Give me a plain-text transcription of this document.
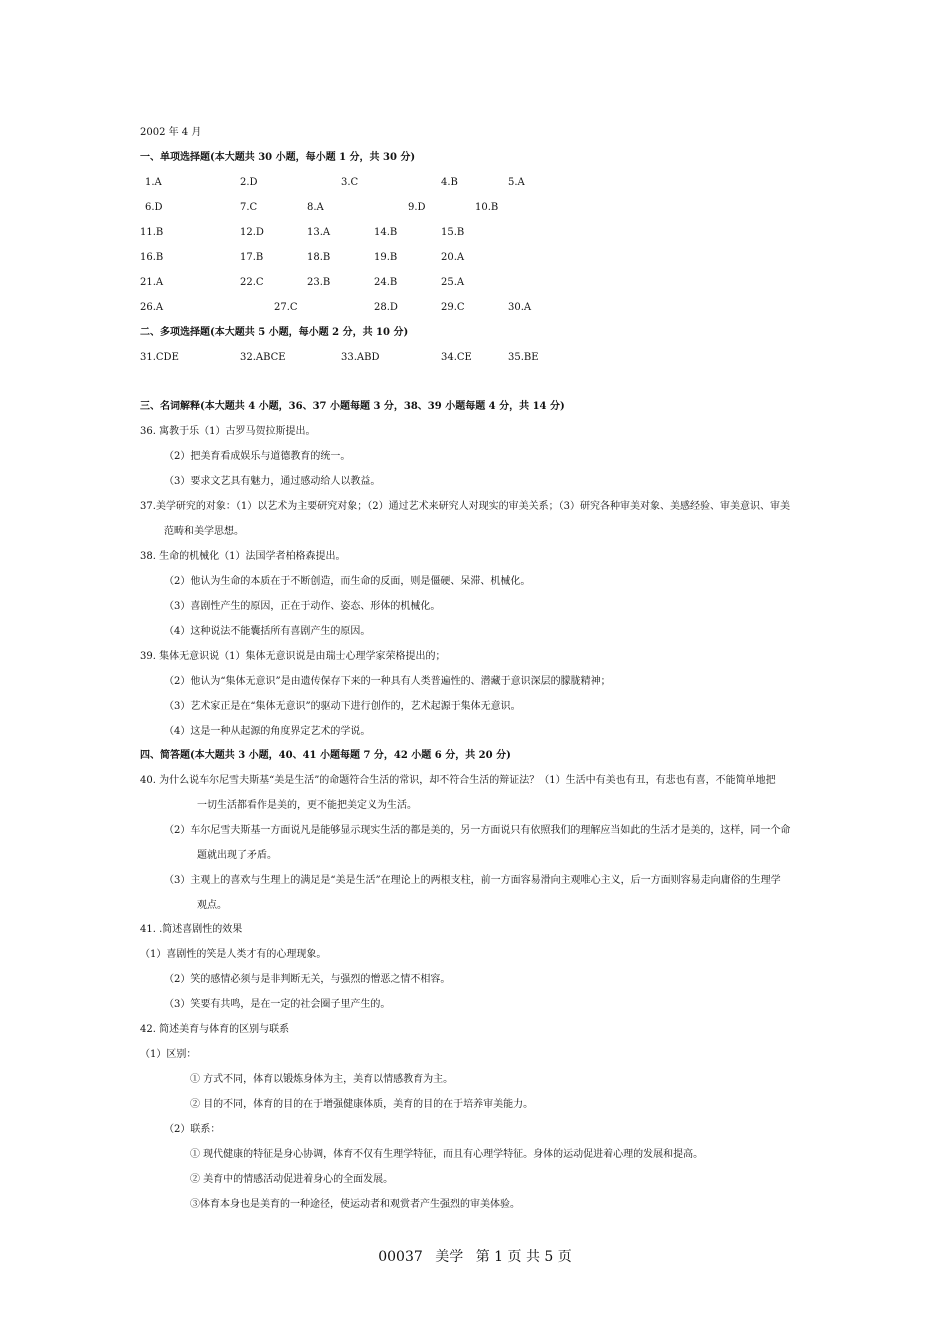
2002 年 4 月
一、单项选择题(本大题共 30 小题，每小题 1 分，共 30 分)
1.A	2.D	3.C	4.B	5.A
6.D	7.C	8.A	9.D	10.B
11.B	12.D	13.A	14.B	15.B
16.B	17.B	18.B	19.B	20.A
21.A	22.C	23.B	24.B	25.A
26.A	27.C	28.D	29.C	30.A
二、多项选择题(本大题共 5 小题，每小题 2 分，共 10 分)
31.CDE	32.ABCE	33.ABD	34.CE	35.BE
三、名词解释(本大题共 4 小题，36、37 小题每题 3 分，38、39 小题每题 4 分，共 14 分)
36. 寓教于乐（1）古罗马贺拉斯提出。
（2）把美育看成娱乐与道德教育的统一。
（3）要求文艺具有魅力，通过感动给人以教益。
37.美学研究的对象：（1）以艺术为主要研究对象；（2）通过艺术来研究人对现实的审美关系；（3）研究各种审美对象、美感经验、审美意识、审美
范畴和美学思想。
38. 生命的机械化（1）法国学者柏格森提出。
（2）他认为生命的本质在于不断创造，而生命的反面，则是僵硬、呆滞、机械化。
（3）喜剧性产生的原因，正在于动作、姿态、形体的机械化。
（4）这种说法不能囊括所有喜剧产生的原因。
39. 集体无意识说（1）集体无意识说是由瑞士心理学家荣格提出的；
（2）他认为“集体无意识”是由遗传保存下来的一种具有人类普遍性的、潜藏于意识深层的朦胧精神；
（3）艺术家正是在“集体无意识”的驱动下进行创作的，艺术起源于集体无意识。
（4）这是一种从起源的角度界定艺术的学说。
四、简答题(本大题共 3 小题，40、41 小题每题 7 分，42 小题 6 分，共 20 分)
40. 为什么说车尔尼雪夫斯基“美是生活”的命题符合生活的常识，却不符合生活的辩证法？（1）生活中有美也有丑，有悲也有喜，不能简单地把
一切生活都看作是美的，更不能把美定义为生活。
（2）车尔尼雪夫斯基一方面说凡是能够显示现实生活的都是美的，另一方面说只有依照我们的理解应当如此的生活才是美的，这样，同一个命
题就出现了矛盾。
（3）主观上的喜欢与生理上的满足是“美是生活”在理论上的两根支柱，前一方面容易滑向主观唯心主义，后一方面则容易走向庸俗的生理学
观点。
41. .简述喜剧性的效果
（1）喜剧性的笑是人类才有的心理现象。
（2）笑的感情必须与是非判断无关，与强烈的憎恶之情不相容。
（3）笑要有共鸣，是在一定的社会圈子里产生的。
42. 简述美育与体育的区别与联系
（1）区别：
① 方式不同，体育以锻炼身体为主，美育以情感教育为主。
② 目的不同，体育的目的在于增强健康体质，美育的目的在于培养审美能力。
（2）联系：
① 现代健康的特征是身心协调，体育不仅有生理学特征，而且有心理学特征。身体的运动促进着心理的发展和提高。
② 美育中的情感活动促进着身心的全面发展。
③体育本身也是美育的一种途径，使运动者和观赏者产生强烈的审美体验。
00037 美学 第 1 页 共 5 页
